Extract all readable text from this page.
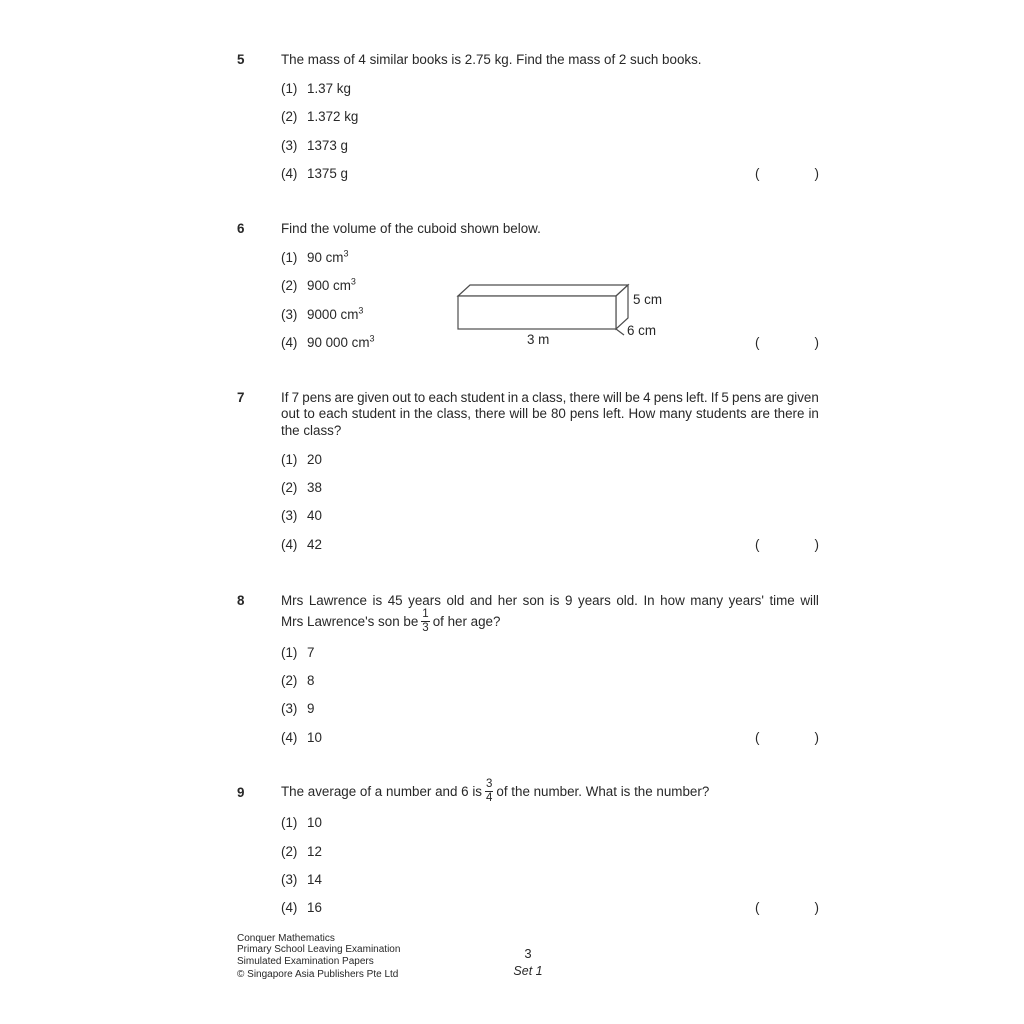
5	The mass of 4 similar books is 2.75 kg. Find the mass of 2 such books.
(1) 1.37 kg
(2) 1.372 kg
(3) 1373 g
(4) 1375 g	(	)
6	Find the volume of the cuboid shown below.
(1) 90 $cm^3$
(2) 900 $cm^3$
(3) 9000 $cm^3$
(4) 90 000 $cm^3$	(	)
5 cm
6 cm
3 m
7	If 7 pens are given out to each student in a class, there will be 4 pens left. If 5 pens are given
out to each student in the class, there will be 80 pens left. How many students are there in
the class?
(1) 20
(2) 38
(3) 40
(4) 42	(	)
8	Mrs Lawrence is 45 years old and her son is 9 years old. In how many years' time will
Mrs Lawrence's son be $\frac{1}{3}$ of her age?
(1) 7
(2) 8
(3) 9
(4) 10	(	)
9	The average of a number and 6 is $\frac{3}{4}$ of the number. What is the number?
(1) 10
(2) 12
(3) 14
(4) 16	(	)
Conquer Mathematics
Primary School Leaving Examination
Simulated Examination Papers
© Singapore Asia Publishers Pte Ltd
3
Set 1
